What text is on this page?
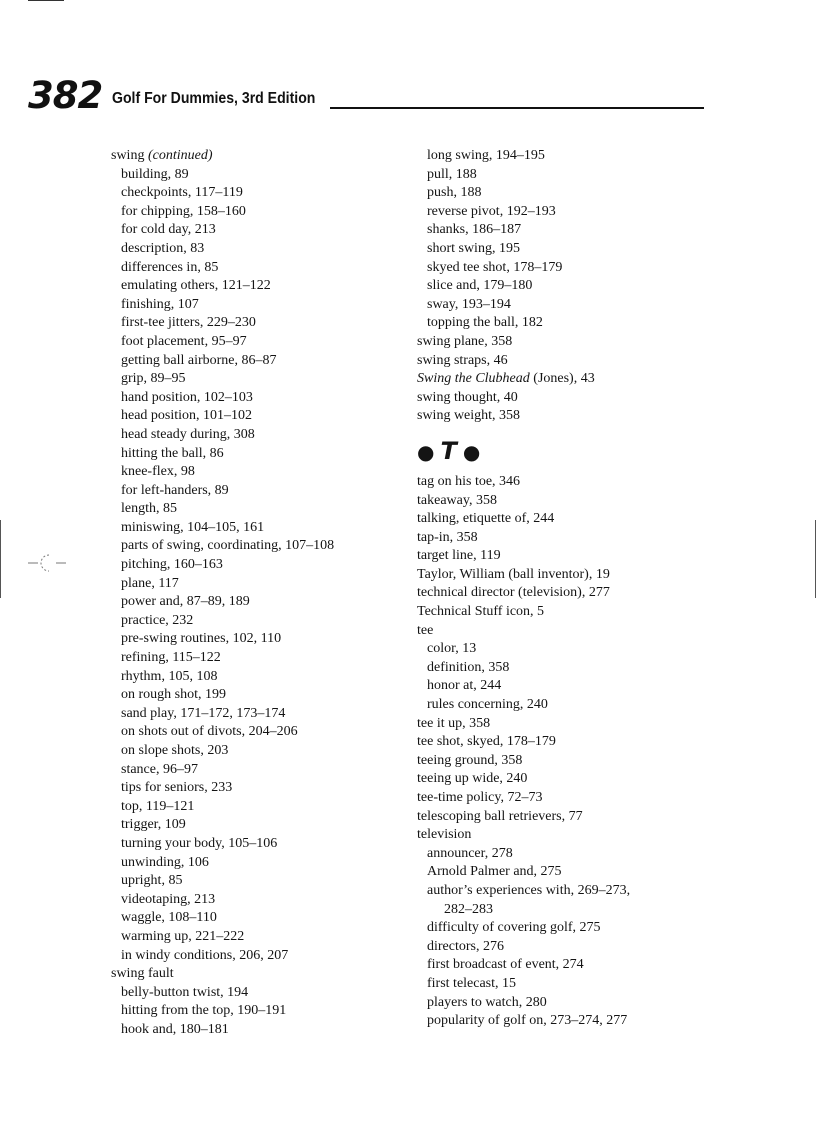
382 Golf For Dummies, 3rd Edition
swing (continued)
building, 89
checkpoints, 117–119
for chipping, 158–160
for cold day, 213
description, 83
differences in, 85
emulating others, 121–122
finishing, 107
first-tee jitters, 229–230
foot placement, 95–97
getting ball airborne, 86–87
grip, 89–95
hand position, 102–103
head position, 101–102
head steady during, 308
hitting the ball, 86
knee-flex, 98
for left-handers, 89
length, 85
miniswing, 104–105, 161
parts of swing, coordinating, 107–108
pitching, 160–163
plane, 117
power and, 87–89, 189
practice, 232
pre-swing routines, 102, 110
refining, 115–122
rhythm, 105, 108
on rough shot, 199
sand play, 171–172, 173–174
on shots out of divots, 204–206
on slope shots, 203
stance, 96–97
tips for seniors, 233
top, 119–121
trigger, 109
turning your body, 105–106
unwinding, 106
upright, 85
videotaping, 213
waggle, 108–110
warming up, 221–222
in windy conditions, 206, 207
swing fault
belly-button twist, 194
hitting from the top, 190–191
hook and, 180–181
long swing, 194–195
pull, 188
push, 188
reverse pivot, 192–193
shanks, 186–187
short swing, 195
skyed tee shot, 178–179
slice and, 179–180
sway, 193–194
topping the ball, 182
swing plane, 358
swing straps, 46
Swing the Clubhead (Jones), 43
swing thought, 40
swing weight, 358
● T ●
tag on his toe, 346
takeaway, 358
talking, etiquette of, 244
tap-in, 358
target line, 119
Taylor, William (ball inventor), 19
technical director (television), 277
Technical Stuff icon, 5
tee
color, 13
definition, 358
honor at, 244
rules concerning, 240
tee it up, 358
tee shot, skyed, 178–179
teeing ground, 358
teeing up wide, 240
tee-time policy, 72–73
telescoping ball retrievers, 77
television
announcer, 278
Arnold Palmer and, 275
author’s experiences with, 269–273,
282–283
difficulty of covering golf, 275
directors, 276
first broadcast of event, 274
first telecast, 15
players to watch, 280
popularity of golf on, 273–274, 277
